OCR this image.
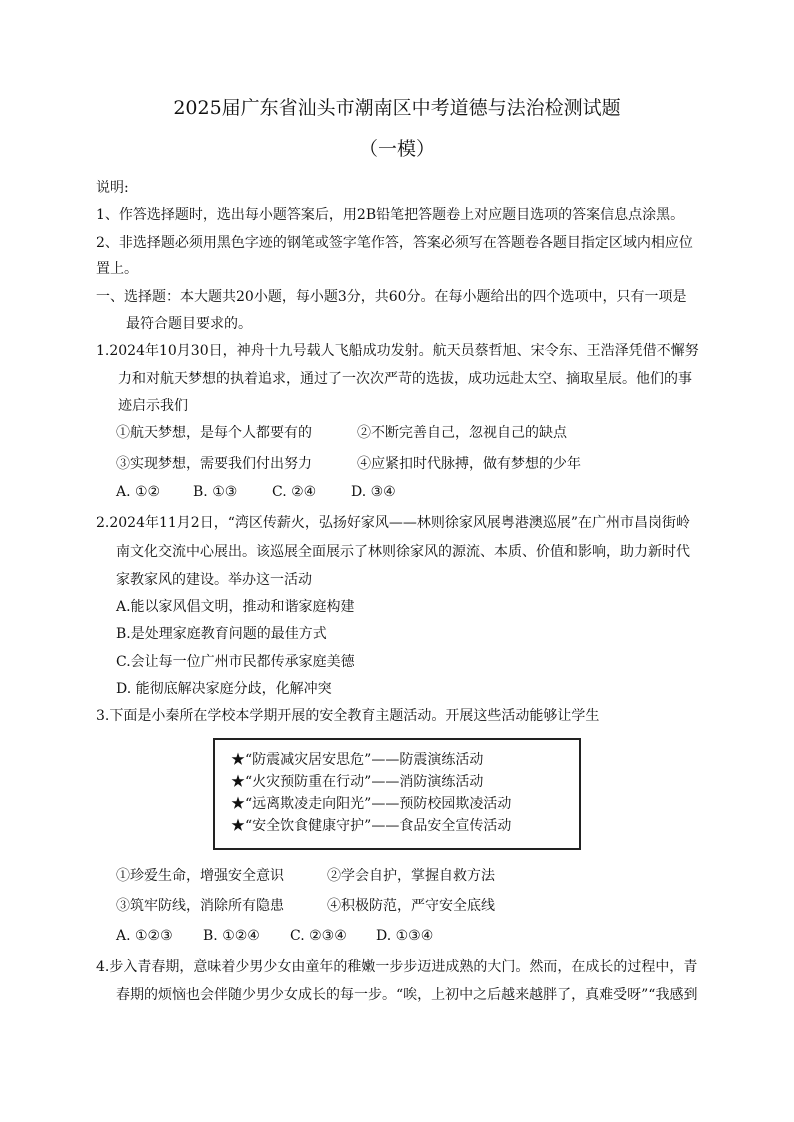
2025届广东省汕头市潮南区中考道德与法治检测试题
（一模）
说明:
1、作答选择题时，选出每小题答案后，用2B铅笔把答题卷上对应题目选项的答案信息点涂黑。
2、非选择题必须用黑色字迹的钢笔或签字笔作答，答案必须写在答题卷各题目指定区域内相应位
置上。
一、选择题：本大题共20小题，每小题3分，共60分。在每小题给出的四个选项中，只有一项是
最符合题目要求的。
1.2024年10月30日，神舟十九号载人飞船成功发射。航天员蔡哲旭、宋令东、王浩泽凭借不懈努
力和对航天梦想的执着追求，通过了一次次严苛的选拔，成功远赴太空、摘取星辰。他们的事
迹启示我们
①航天梦想，是每个人都要有的	②不断完善自己，忽视自己的缺点
③实现梦想，需要我们付出努力	④应紧扣时代脉搏，做有梦想的少年
A. ①② B. ①③ C. ②④ D. ③④
2.2024年11月2日，“湾区传薪火，弘扬好家风——林则徐家风展粤港澳巡展”在广州市昌岗街岭
南文化交流中心展出。该巡展全面展示了林则徐家风的源流、本质、价值和影响，助力新时代
家教家风的建设。举办这一活动
A.能以家风倡文明，推动和谐家庭构建
B.是处理家庭教育问题的最佳方式
C.会让每一位广州市民都传承家庭美德
D. 能彻底解决家庭分歧，化解冲突
3.下面是小秦所在学校本学期开展的安全教育主题活动。开展这些活动能够让学生
★“防震减灾居安思危”——防震演练活动
★“火灾预防重在行动”——消防演练活动
★“远离欺凌走向阳光”——预防校园欺凌活动
★“安全饮食健康守护”——食品安全宣传活动
①珍爱生命，增强安全意识	②学会自护，掌握自救方法
③筑牢防线，消除所有隐患	④积极防范，严守安全底线
A. ①②③ B. ①②④ C. ②③④ D. ①③④
4.步入青春期，意味着少男少女由童年的稚嫩一步步迈进成熟的大门。然而，在成长的过程中，青
春期的烦恼也会伴随少男少女成长的每一步。“唉，上初中之后越来越胖了，真难受呀”“我感到
